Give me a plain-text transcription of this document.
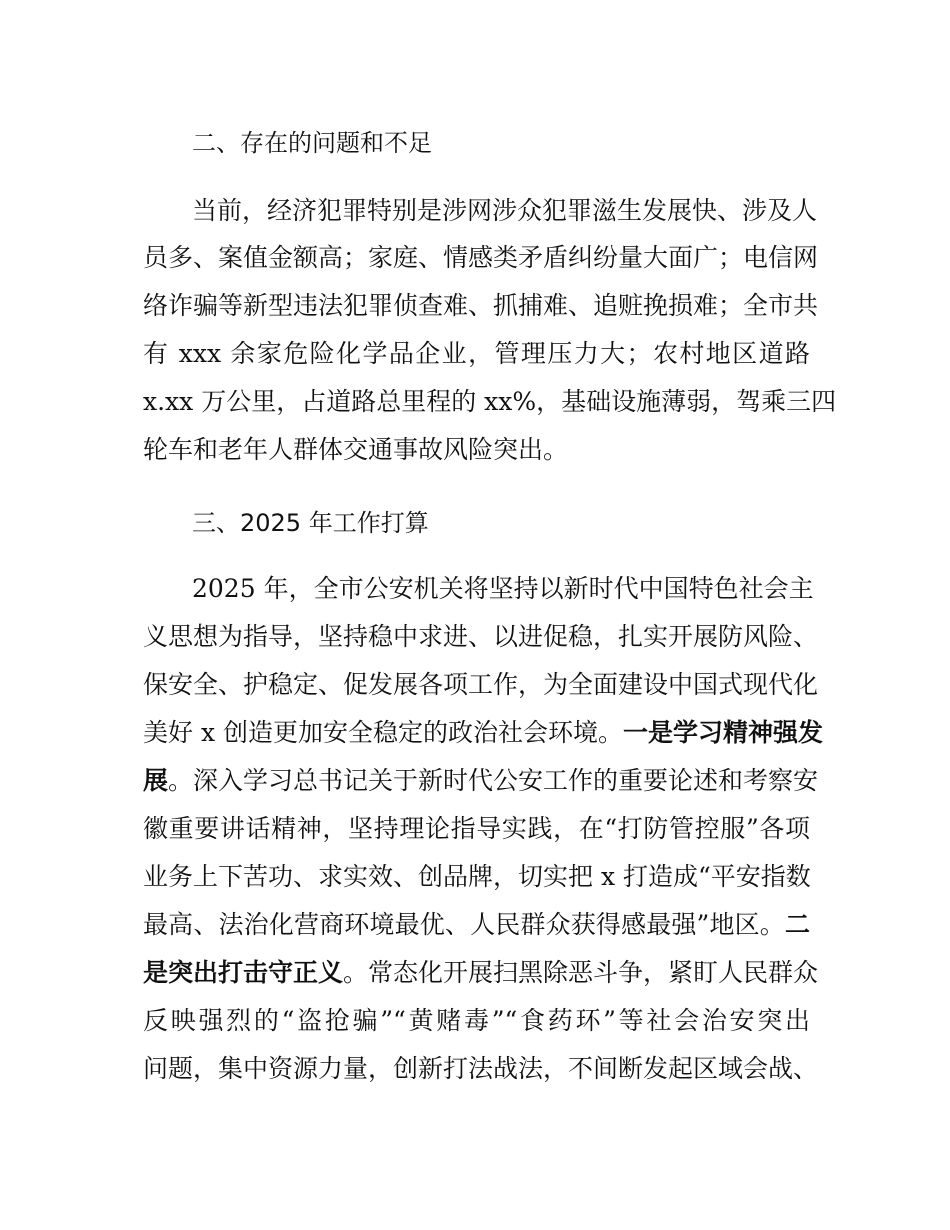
二、存在的问题和不足
当前，经济犯罪特别是涉网涉众犯罪滋生发展快、涉及人
员多、案值金额高；家庭、情感类矛盾纠纷量大面广；电信网
络诈骗等新型违法犯罪侦查难、抓捕难、追赃挽损难；全市共
有 xxx 余家危险化学品企业，管理压力大；农村地区道路
x.xx 万公里，占道路总里程的 xx%，基础设施薄弱，驾乘三四
轮车和老年人群体交通事故风险突出。
三、2025 年工作打算
2025 年，全市公安机关将坚持以新时代中国特色社会主
义思想为指导，坚持稳中求进、以进促稳，扎实开展防风险、
保安全、护稳定、促发展各项工作，为全面建设中国式现代化
美好 x 创造更加安全稳定的政治社会环境。一是学习精神强发
展。深入学习总书记关于新时代公安工作的重要论述和考察安
徽重要讲话精神，坚持理论指导实践，在“打防管控服”各项
业务上下苦功、求实效、创品牌，切实把 x 打造成“平安指数
最高、法治化营商环境最优、人民群众获得感最强”地区。二
是突出打击守正义。常态化开展扫黑除恶斗争，紧盯人民群众
反映强烈的“盗抢骗”“黄赌毒”“食药环”等社会治安突出
问题，集中资源力量，创新打法战法，不间断发起区域会战、
